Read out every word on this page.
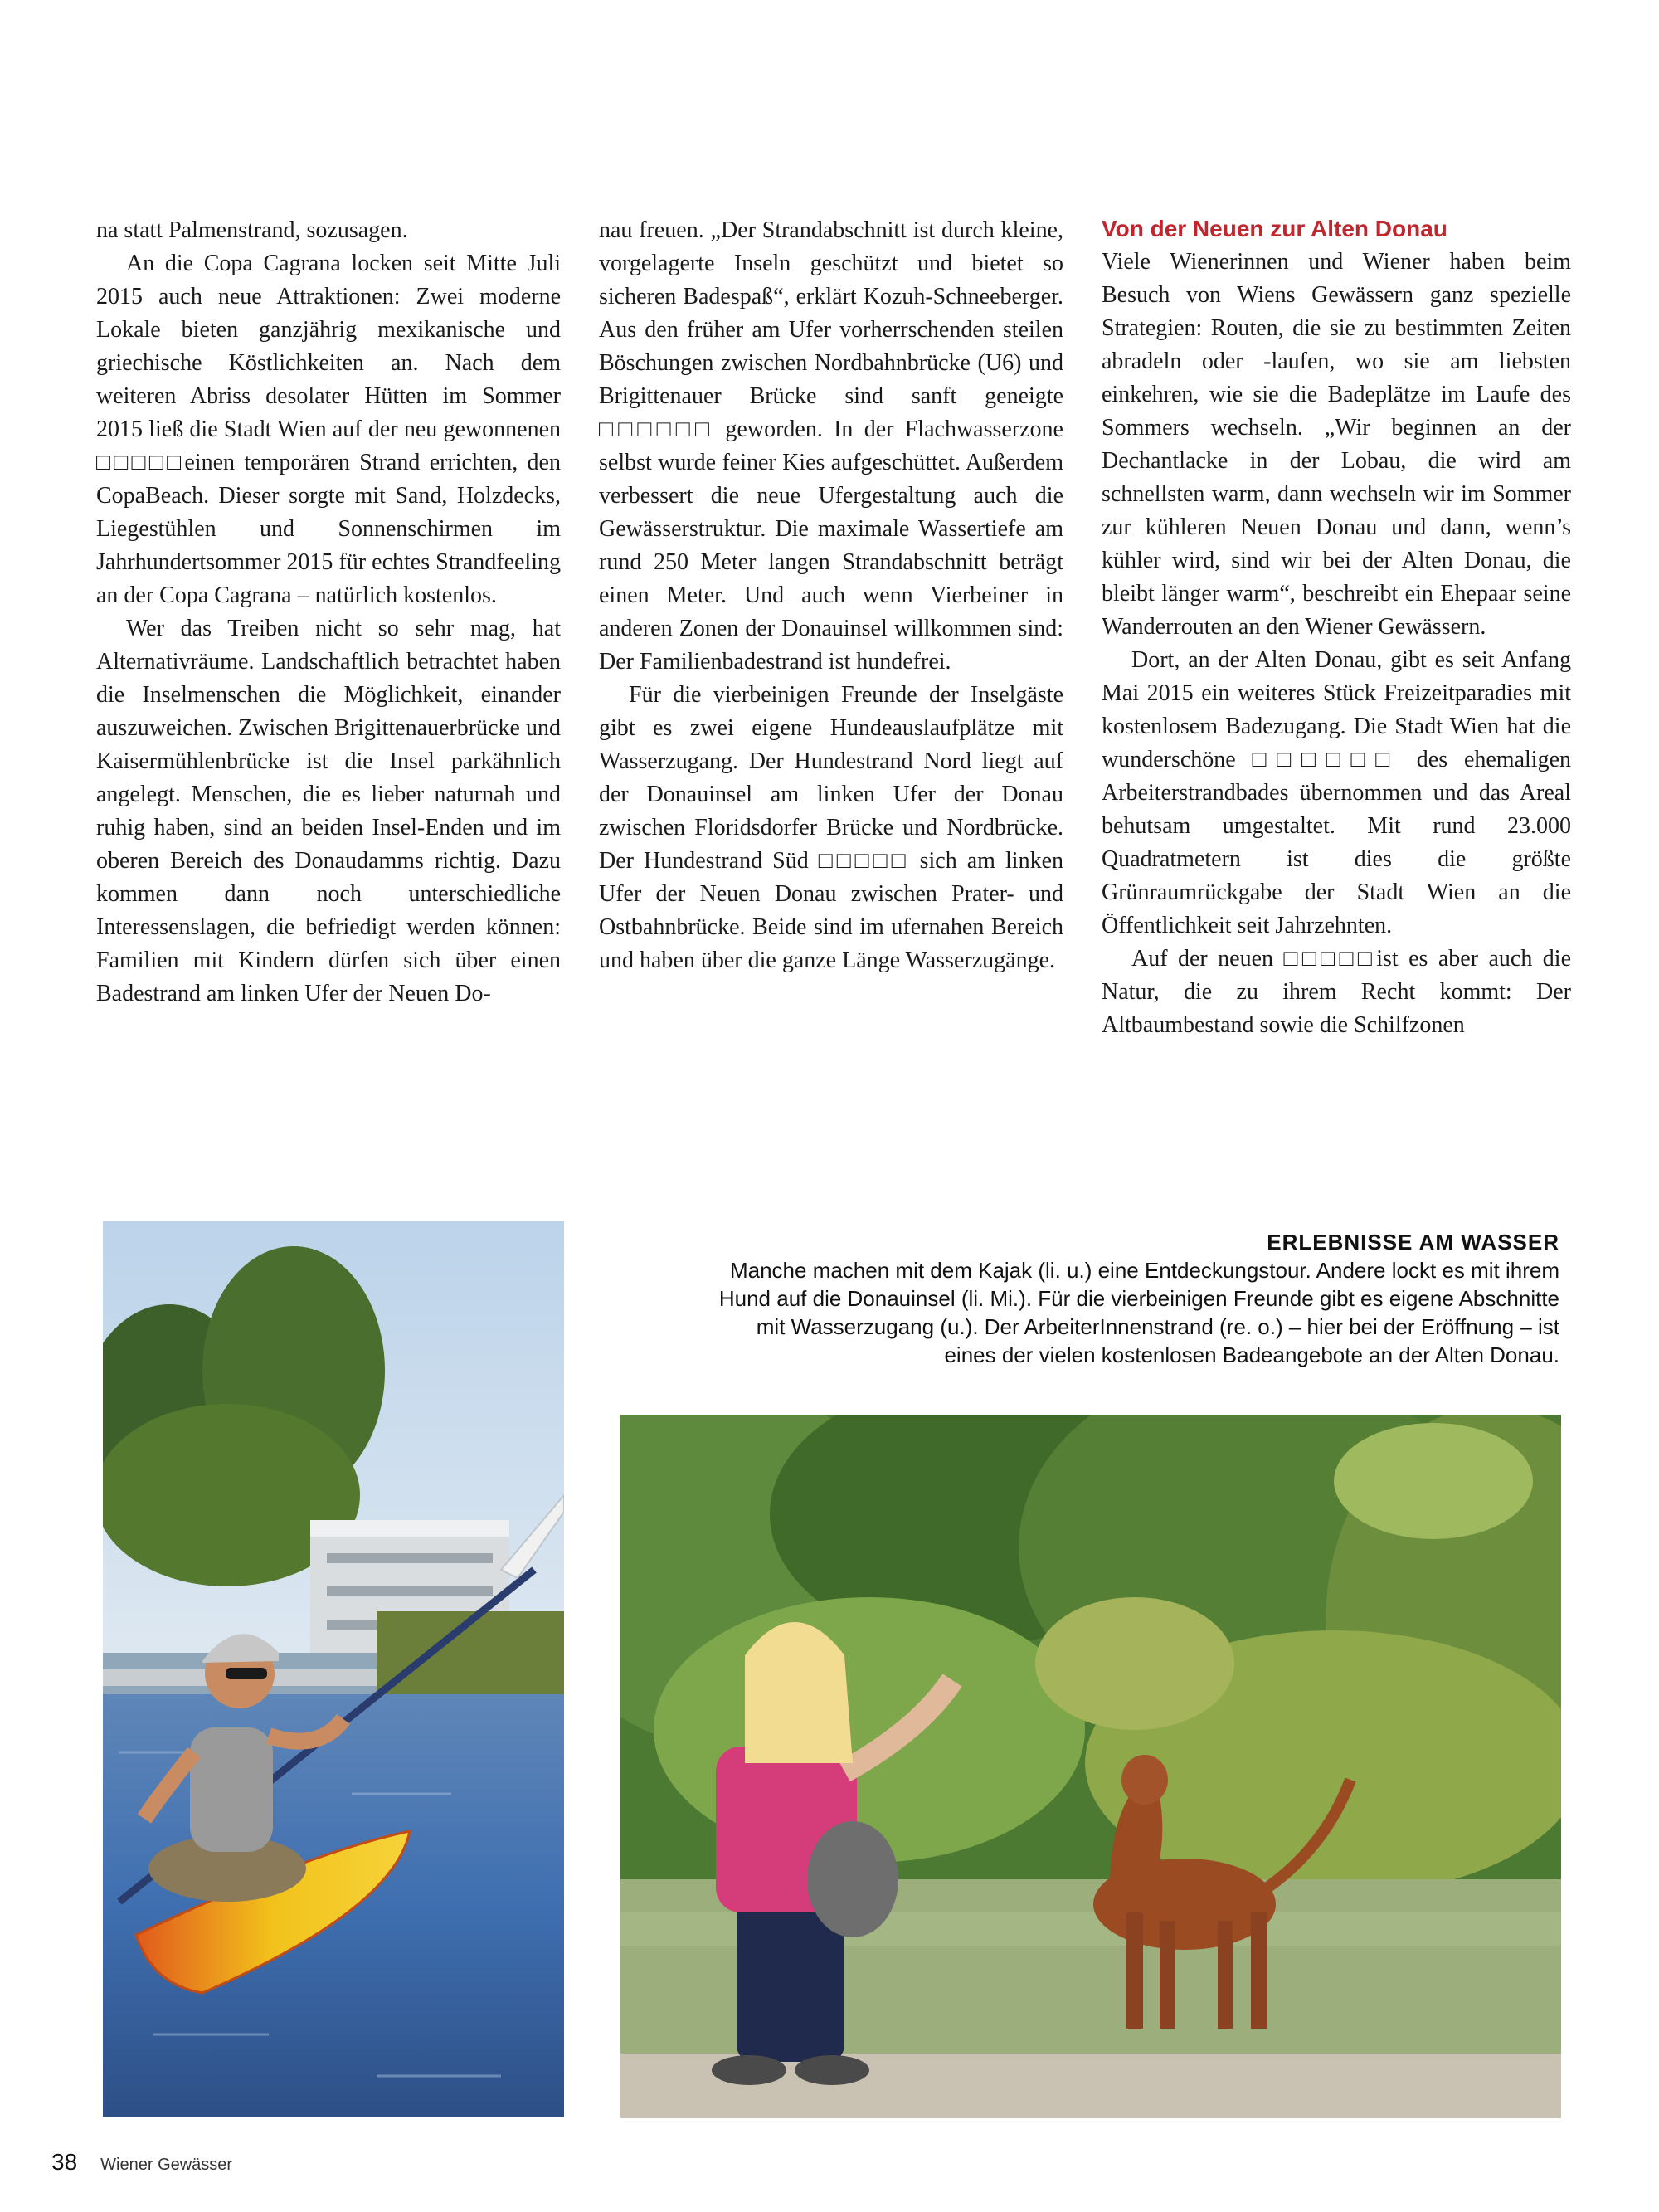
na statt Palmenstrand, sozusagen.

An die Copa Cagrana locken seit Mitte Juli 2015 auch neue Attraktionen: Zwei moderne Lokale bieten ganzjährig mexikanische und griechische Köstlichkeiten an. Nach dem weiteren Abriss desolater Hütten im Sommer 2015 ließ die Stadt Wien auf der neu gewonnenen □□□□□einen temporären Strand errichten, den CopaBeach. Dieser sorgte mit Sand, Holzdecks, Liegestühlen und Sonnenschirmen im Jahrhundertsommer 2015 für echtes Strandfeeling an der Copa Cagrana – natürlich kostenlos.

Wer das Treiben nicht so sehr mag, hat Alternativräume. Landschaftlich betrachtet haben die Inselmenschen die Möglichkeit, einander auszuweichen. Zwischen Brigittenauerbrücke und Kaisermühlenbrücke ist die Insel parkähnlich angelegt. Menschen, die es lieber naturnah und ruhig haben, sind an beiden Insel-Enden und im oberen Bereich des Donaudamms richtig. Dazu kommen dann noch unterschiedliche Interessenslagen, die befriedigt werden können: Familien mit Kindern dürfen sich über einen Badestrand am linken Ufer der Neuen Do-

nau freuen. „Der Strandabschnitt ist durch kleine, vorgelagerte Inseln geschützt und bietet so sicheren Badespaß“, erklärt Kozuh-Schneeberger. Aus den früher am Ufer vorherrschenden steilen Böschungen zwischen Nordbahnbrücke (U6) und Brigittenauer Brücke sind sanft geneigte □□□□□□ geworden. In der Flachwasserzone selbst wurde feiner Kies aufgeschüttet. Außerdem verbessert die neue Ufergestaltung auch die Gewässerstruktur. Die maximale Wassertiefe am rund 250 Meter langen Strandabschnitt beträgt einen Meter. Und auch wenn Vierbeiner in anderen Zonen der Donauinsel willkommen sind: Der Familienbadestrand ist hundefrei.

Für die vierbeinigen Freunde der Inselgäste gibt es zwei eigene Hundeauslaufplätze mit Wasserzugang. Der Hundestrand Nord liegt auf der Donauinsel am linken Ufer der Donau zwischen Floridsdorfer Brücke und Nordbrücke. Der Hundestrand Süd □□□□□ sich am linken Ufer der Neuen Donau zwischen Prater- und Ostbahnbrücke. Beide sind im ufernahen Bereich und haben über die ganze Länge Wasserzugänge.

Von der Neuen zur Alten Donau

Viele Wienerinnen und Wiener haben beim Besuch von Wiens Gewässern ganz spezielle Strategien: Routen, die sie zu bestimmten Zeiten abradeln oder -laufen, wo sie am liebsten einkehren, wie sie die Badeplätze im Laufe des Sommers wechseln. „Wir beginnen an der Dechantlacke in der Lobau, die wird am schnellsten warm, dann wechseln wir im Sommer zur kühleren Neuen Donau und dann, wenn’s kühler wird, sind wir bei der Alten Donau, die bleibt länger warm“, beschreibt ein Ehepaar seine Wanderrouten an den Wiener Gewässern.

Dort, an der Alten Donau, gibt es seit Anfang Mai 2015 ein weiteres Stück Freizeitparadies mit kostenlosem Badezugang. Die Stadt Wien hat die wunderschöne □□□□□□ des ehemaligen Arbeiterstrandbades übernommen und das Areal behutsam umgestaltet. Mit rund 23.000 Quadratmetern ist dies die größte Grünraumrückgabe der Stadt Wien an die Öffentlichkeit seit Jahrzehnten.

Auf der neuen □□□□□ist es aber auch die Natur, die zu ihrem Recht kommt: Der Altbaumbestand sowie die Schilfzonen

ERLEBNISSE AM WASSER
Manche machen mit dem Kajak (li. u.) eine Entdeckungstour. Andere lockt es mit ihrem Hund auf die Donauinsel (li. Mi.). Für die vierbeinigen Freunde gibt es eigene Abschnitte mit Wasserzugang (u.). Der ArbeiterInnenstrand (re. o.) – hier bei der Eröffnung – ist eines der vielen kostenlosen Badeangebote an der Alten Donau.
38 Wiener Gewässer
